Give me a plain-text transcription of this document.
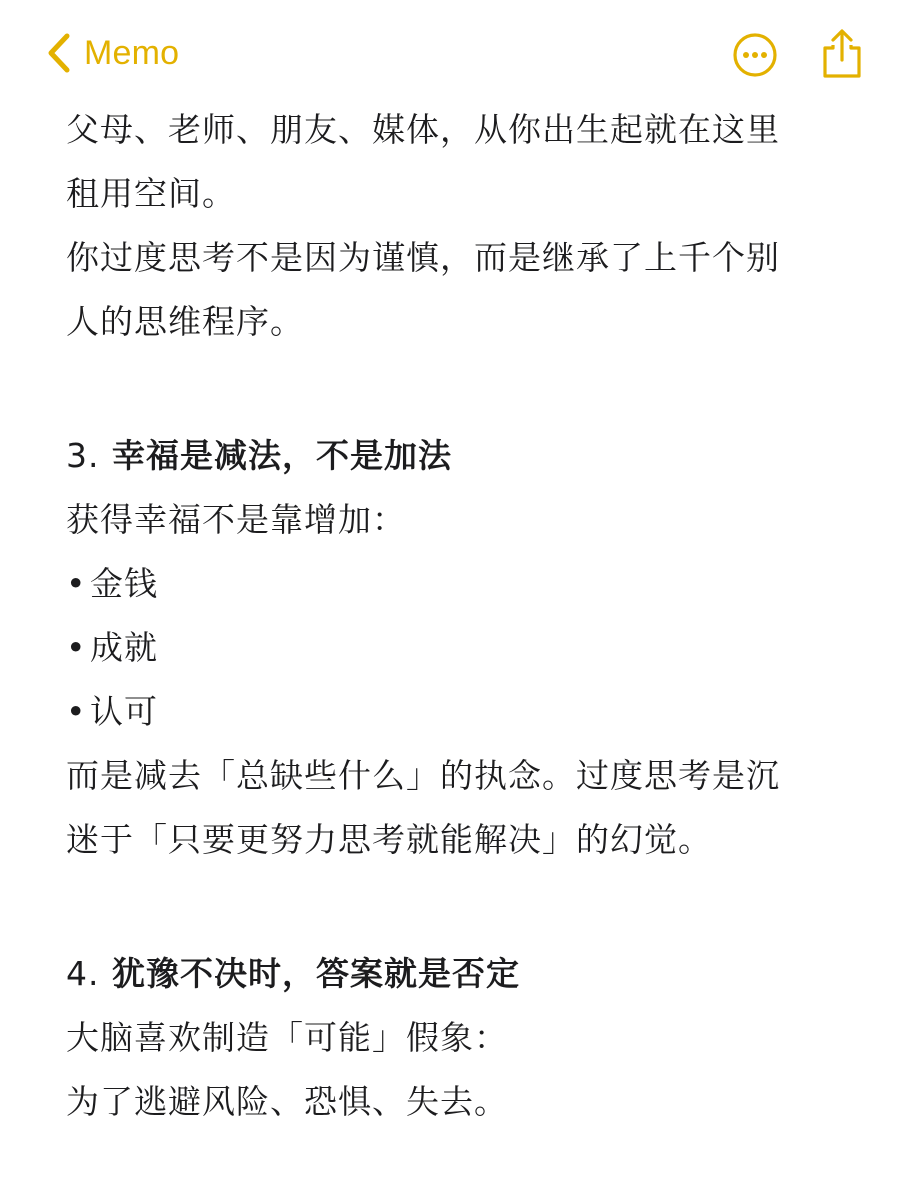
Memo
父母、老师、朋友、媒体，从你出生起就在这里
租用空间。
你过度思考不是因为谨慎，而是继承了上千个别
人的思维程序。
3. 幸福是减法，不是加法
获得幸福不是靠增加：
• 金钱
• 成就
• 认可
而是减去「总缺些什么」的执念。过度思考是沉
迷于「只要更努力思考就能解决」的幻觉。
4. 犹豫不决时，答案就是否定
大脑喜欢制造「可能」假象：
为了逃避风险、恐惧、失去。
